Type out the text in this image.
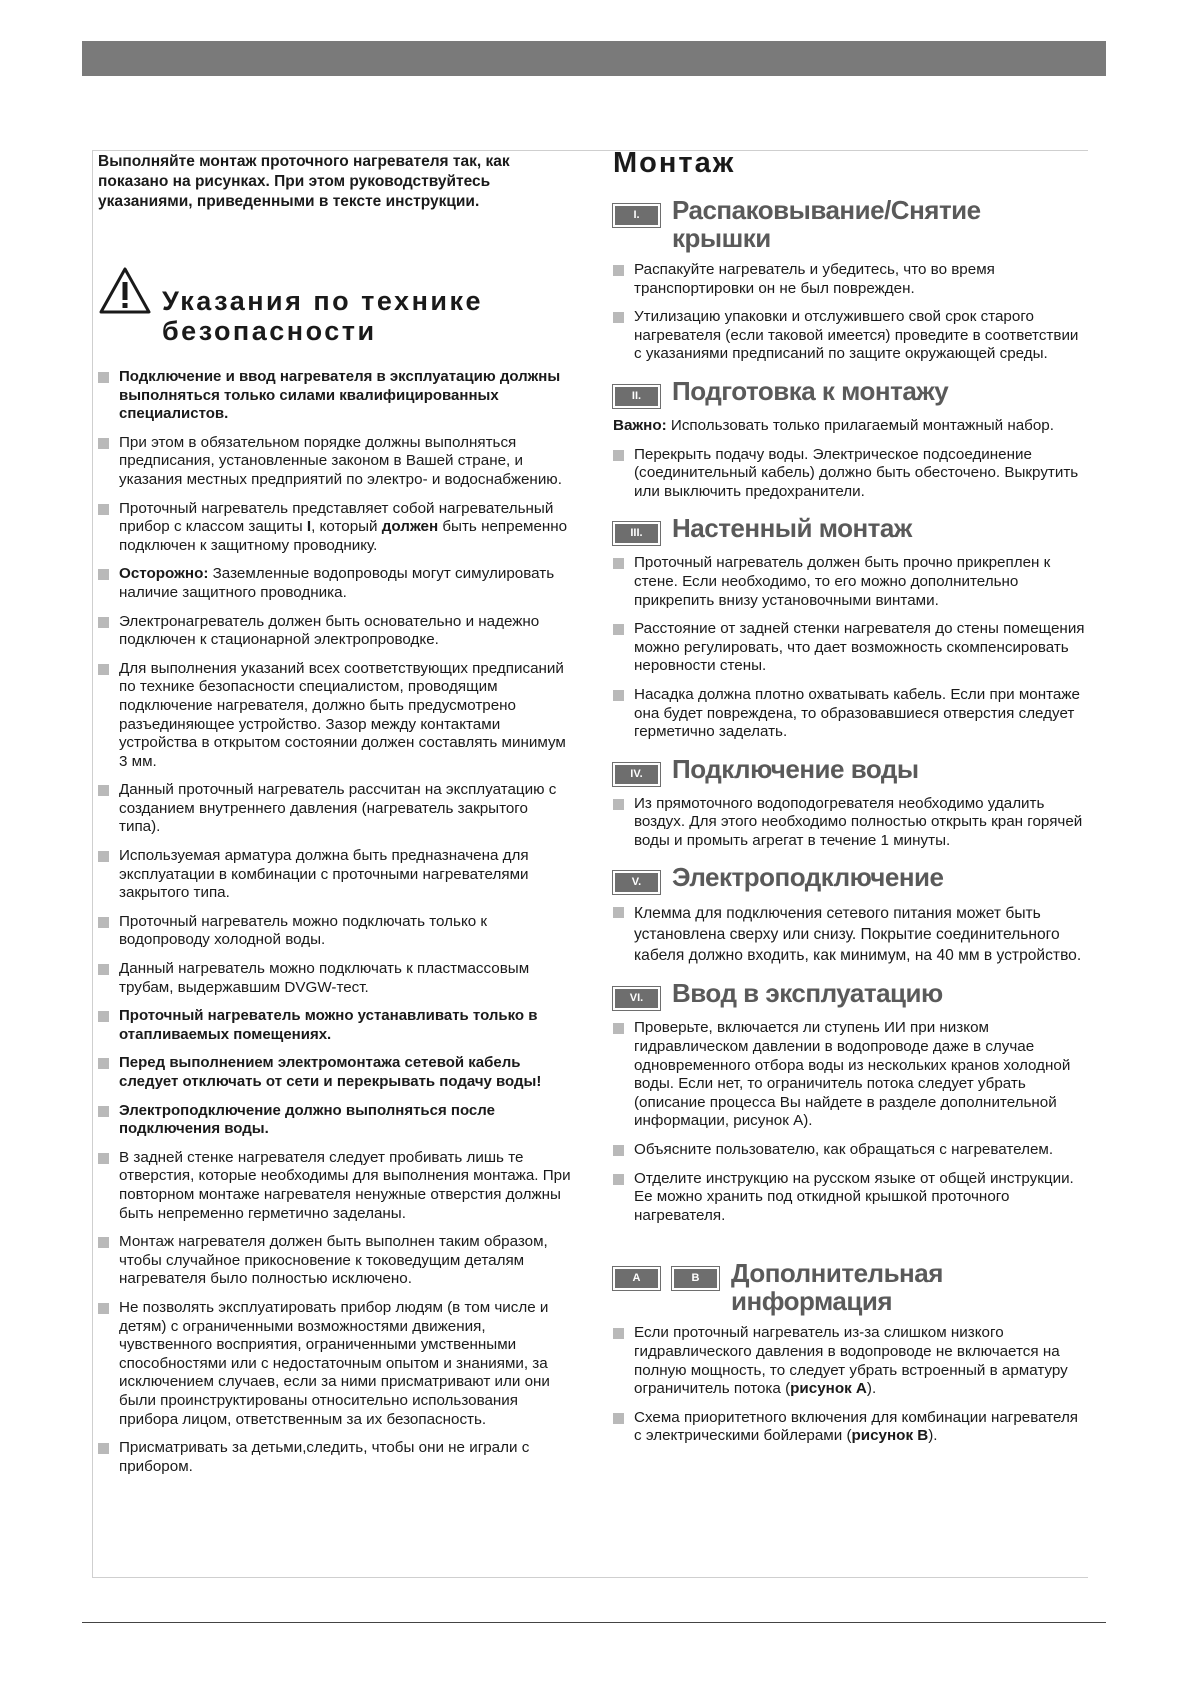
Выполняйте монтаж проточного нагревателя так, как показано на рисунках. При этом руководствуйтесь указаниями, приведенными в тексте инструкции.

Указания по технике
безопасности
Подключение и ввод нагревателя в эксплуатацию должны выполняться только силами квалифицированных специалистов.
При этом в обязательном порядке должны выполняться предписания, установленные законом в Вашей стране, и указания местных предприятий по электро- и водоснабжению.
Проточный нагреватель представляет собой нагревательный прибор с классом защиты I, который должен быть непременно подключен к защитному проводнику.
Осторожно: Заземленные водопроводы могут симулировать наличие защитного проводника.
Электронагреватель должен быть основательно и надежно подключен к стационарной электропроводке.
Для выполнения указаний всех соответствующих предписаний по технике безопасности специалистом, проводящим подключение нагревателя, должно быть предусмотрено разъединяющее устройство. Зазор между контактами устройства в открытом состоянии должен составлять минимум 3 мм.
Данный проточный нагреватель рассчитан на эксплуатацию с созданием внутреннего давления (нагреватель закрытого типа).
Используемая арматура должна быть предназначена для эксплуатации в комбинации с проточными нагревателями закрытого типа.
Проточный нагреватель можно подключать только к водопроводу холодной воды.
Данный нагреватель можно подключать к пластмассовым трубам, выдержавшим DVGW-тест.
Проточный нагреватель можно устанавливать только в отапливаемых помещениях.
Перед выполнением электромонтажа сетевой кабель следует отключать от сети и перекрывать подачу воды!
Электроподключение должно выполняться после подключения воды.
В задней стенке нагревателя следует пробивать лишь те отверстия, которые необходимы для выполнения монтажа. При повторном монтаже нагревателя ненужные отверстия должны быть непременно герметично заделаны.
Монтаж нагревателя должен быть выполнен таким образом, чтобы случайное прикосновение к токоведущим деталям нагревателя было полностью исключено.
Не позволять эксплуатировать прибор людям (в том числе и детям) с ограниченными возможностями движения, чувственного восприятия, ограниченными умственными способностями или с недостаточным опытом и знаниями, за исключением случаев, если за ними присматривают или они были проинструктированы относительно использования прибора лицом, ответственным за их безопасность.
Присматривать за детьми,следить, чтобы они не играли с прибором.
Монтаж
I.	Распаковывание/Снятие
крышки
Распакуйте нагреватель и убедитесь, что во время транспортировки он не был поврежден.
Утилизацию упаковки и отслужившего свой срок старого нагревателя (если таковой имеется) проведите в соответствии с указаниями предписаний по защите окружающей среды.
II.	Подготовка к монтажу

Важно: Использовать только прилагаемый монтажный набор.

Перекрыть подачу воды. Электрическое подсоединение (соединительный кабель) должно быть обесточено. Выкрутить или выключить предохранители.
III.	Настенный монтаж
Проточный нагреватель должен быть прочно прикреплен к стене. Если необходимо, то его можно дополнительно прикрепить внизу установочными винтами.
Расстояние от задней стенки нагревателя до стены помещения можно регулировать, что дает возможность скомпенсировать неровности стены.
Насадка должна плотно охватывать кабель. Если при монтаже она будет повреждена, то образовавшиеся отверстия следует герметично заделать.
IV.	Подключение воды
Из прямоточного водоподогревателя необходимо удалить воздух. Для этого необходимо полностью открыть кран горячей воды и промыть агрегат в течение 1 минуты.
V.	Электроподключение
Клемма для подключения сетевого питания может быть установлена сверху или снизу. Покрытие соединительного кабеля должно входить, как минимум, на 40 мм в устройство.
VI.	Ввод в эксплуатацию
Проверьте, включается ли ступень ИИ при низком гидравлическом давлении в водопроводе даже в случае одновременного отбора воды из нескольких кранов холодной воды. Если нет, то ограничитель потока следует убрать (описание процесса Вы найдете в разделе дополнительной информации, рисунок А).
Объясните пользователю, как обращаться с нагревателем.
Отделите инструкцию на русском языке от общей инструкции. Ее можно хранить под откидной крышкой проточного нагревателя.
A	B	Дополнительная
информация
Если проточный нагреватель из-за слишком низкого гидравлического давления в водопроводе не включается на полную мощность, то следует убрать встроенный в арматуру ограничитель потока (рисунок А).
Схема приоритетного включения для комбинации нагревателя с электрическими бойлерами (рисунок В).
